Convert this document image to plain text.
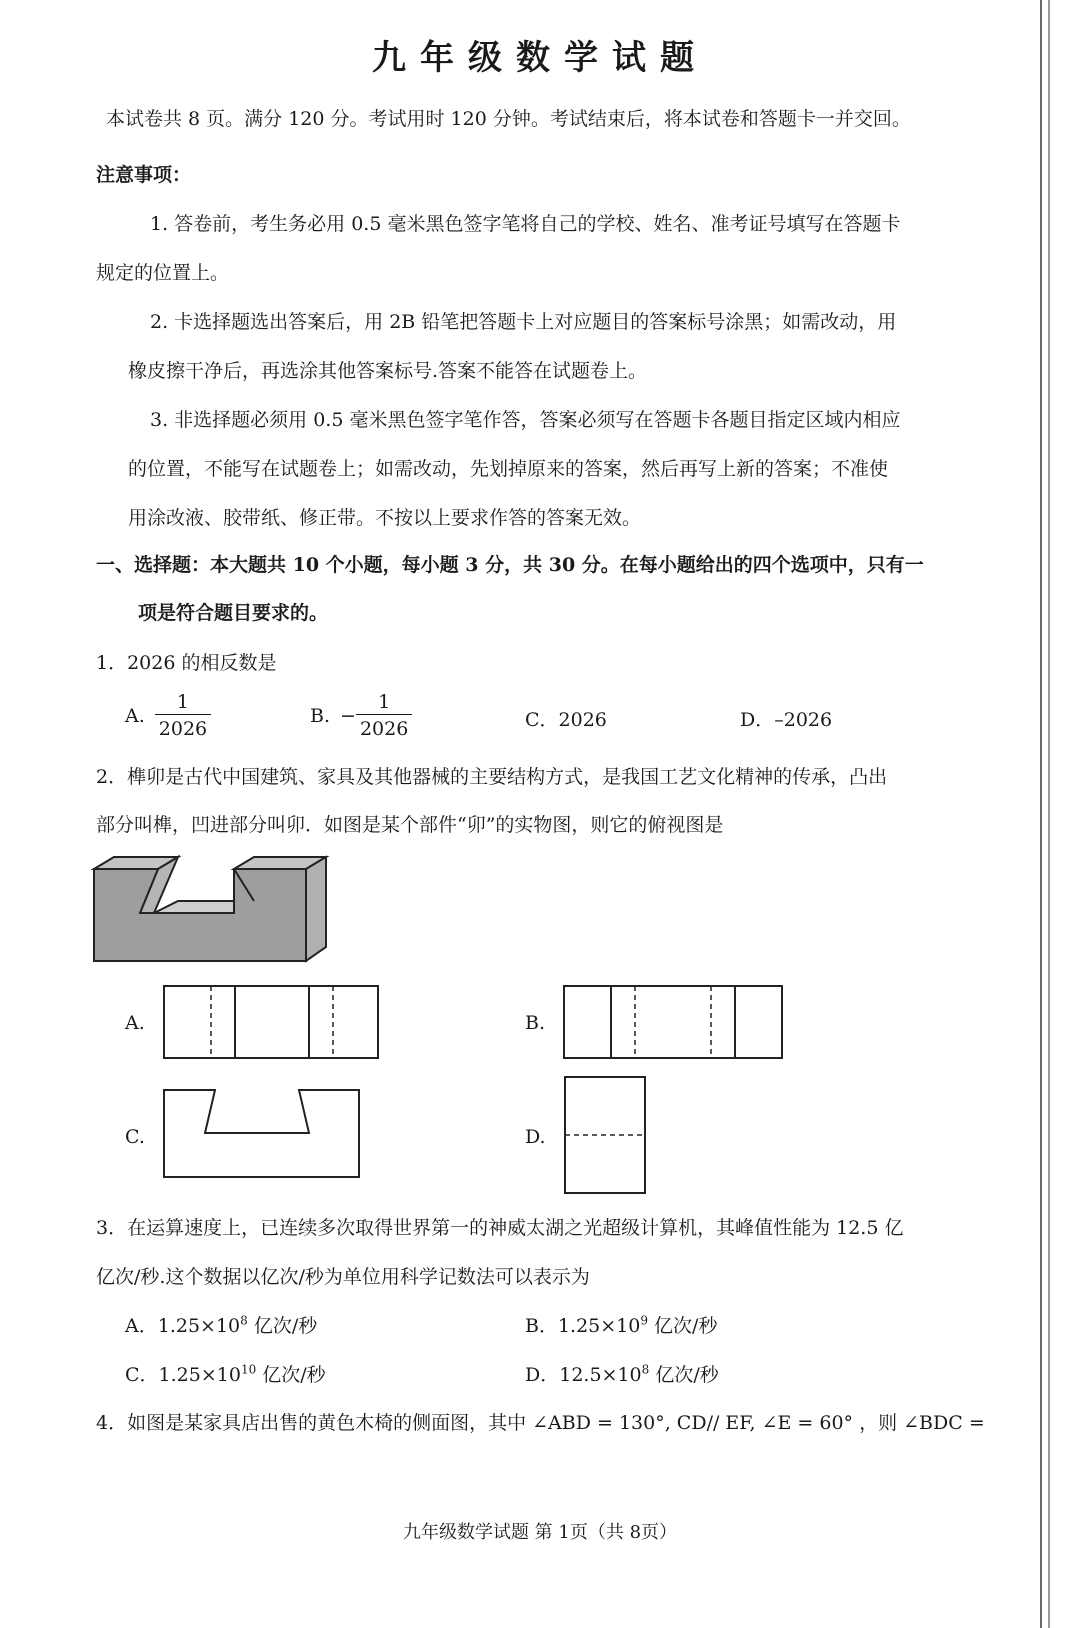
九年级数学试题
本试卷共 8 页。满分 120 分。考试用时 120 分钟。考试结束后，将本试卷和答题卡一并交回。
注意事项：
1. 答卷前，考生务必用 0.5 毫米黑色签字笔将自己的学校、姓名、准考证号填写在答题卡
规定的位置上。
2. 卡选择题选出答案后，用 2B 铅笔把答题卡上对应题目的答案标号涂黑；如需改动，用
橡皮擦干净后，再选涂其他答案标号.答案不能答在试题卷上。
3. 非选择题必须用 0.5 毫米黑色签字笔作答，答案必须写在答题卡各题目指定区域内相应
的位置，不能写在试题卷上；如需改动，先划掉原来的答案，然后再写上新的答案；不准使
用涂改液、胶带纸、修正带。不按以上要求作答的答案无效。
一、选择题：本大题共 10 个小题，每小题 3 分，共 30 分。在每小题给出的四个选项中，只有一
项是符合题目要求的。
1．2026 的相反数是
A. $\frac{1}{2026}$	B. − $\frac{1}{2026}$	C．2026	D．–2026
2．榫卯是古代中国建筑、家具及其他器械的主要结构方式，是我国工艺文化精神的传承，凸出
部分叫榫，凹进部分叫卯．如图是某个部件“卯”的实物图，则它的俯视图是
A.	B.
C.	D.
3．在运算速度上，已连续多次取得世界第一的神威太湖之光超级计算机，其峰值性能为 12.5 亿
亿次/秒.这个数据以亿次/秒为单位用科学记数法可以表示为
A．$1.25\times 10^8$ 亿次/秒	B．$1.25\times 10^9$ 亿次/秒
C．$1.25\times 10^{10}$ 亿次/秒	D．$12.5\times 10^8$ 亿次/秒
4．如图是某家具店出售的黄色木椅的侧面图，其中 ∠ABD = 130°, CD// EF, ∠E = 60° ，则 ∠BDC =
九年级数学试题 第 1页（共 8页）
